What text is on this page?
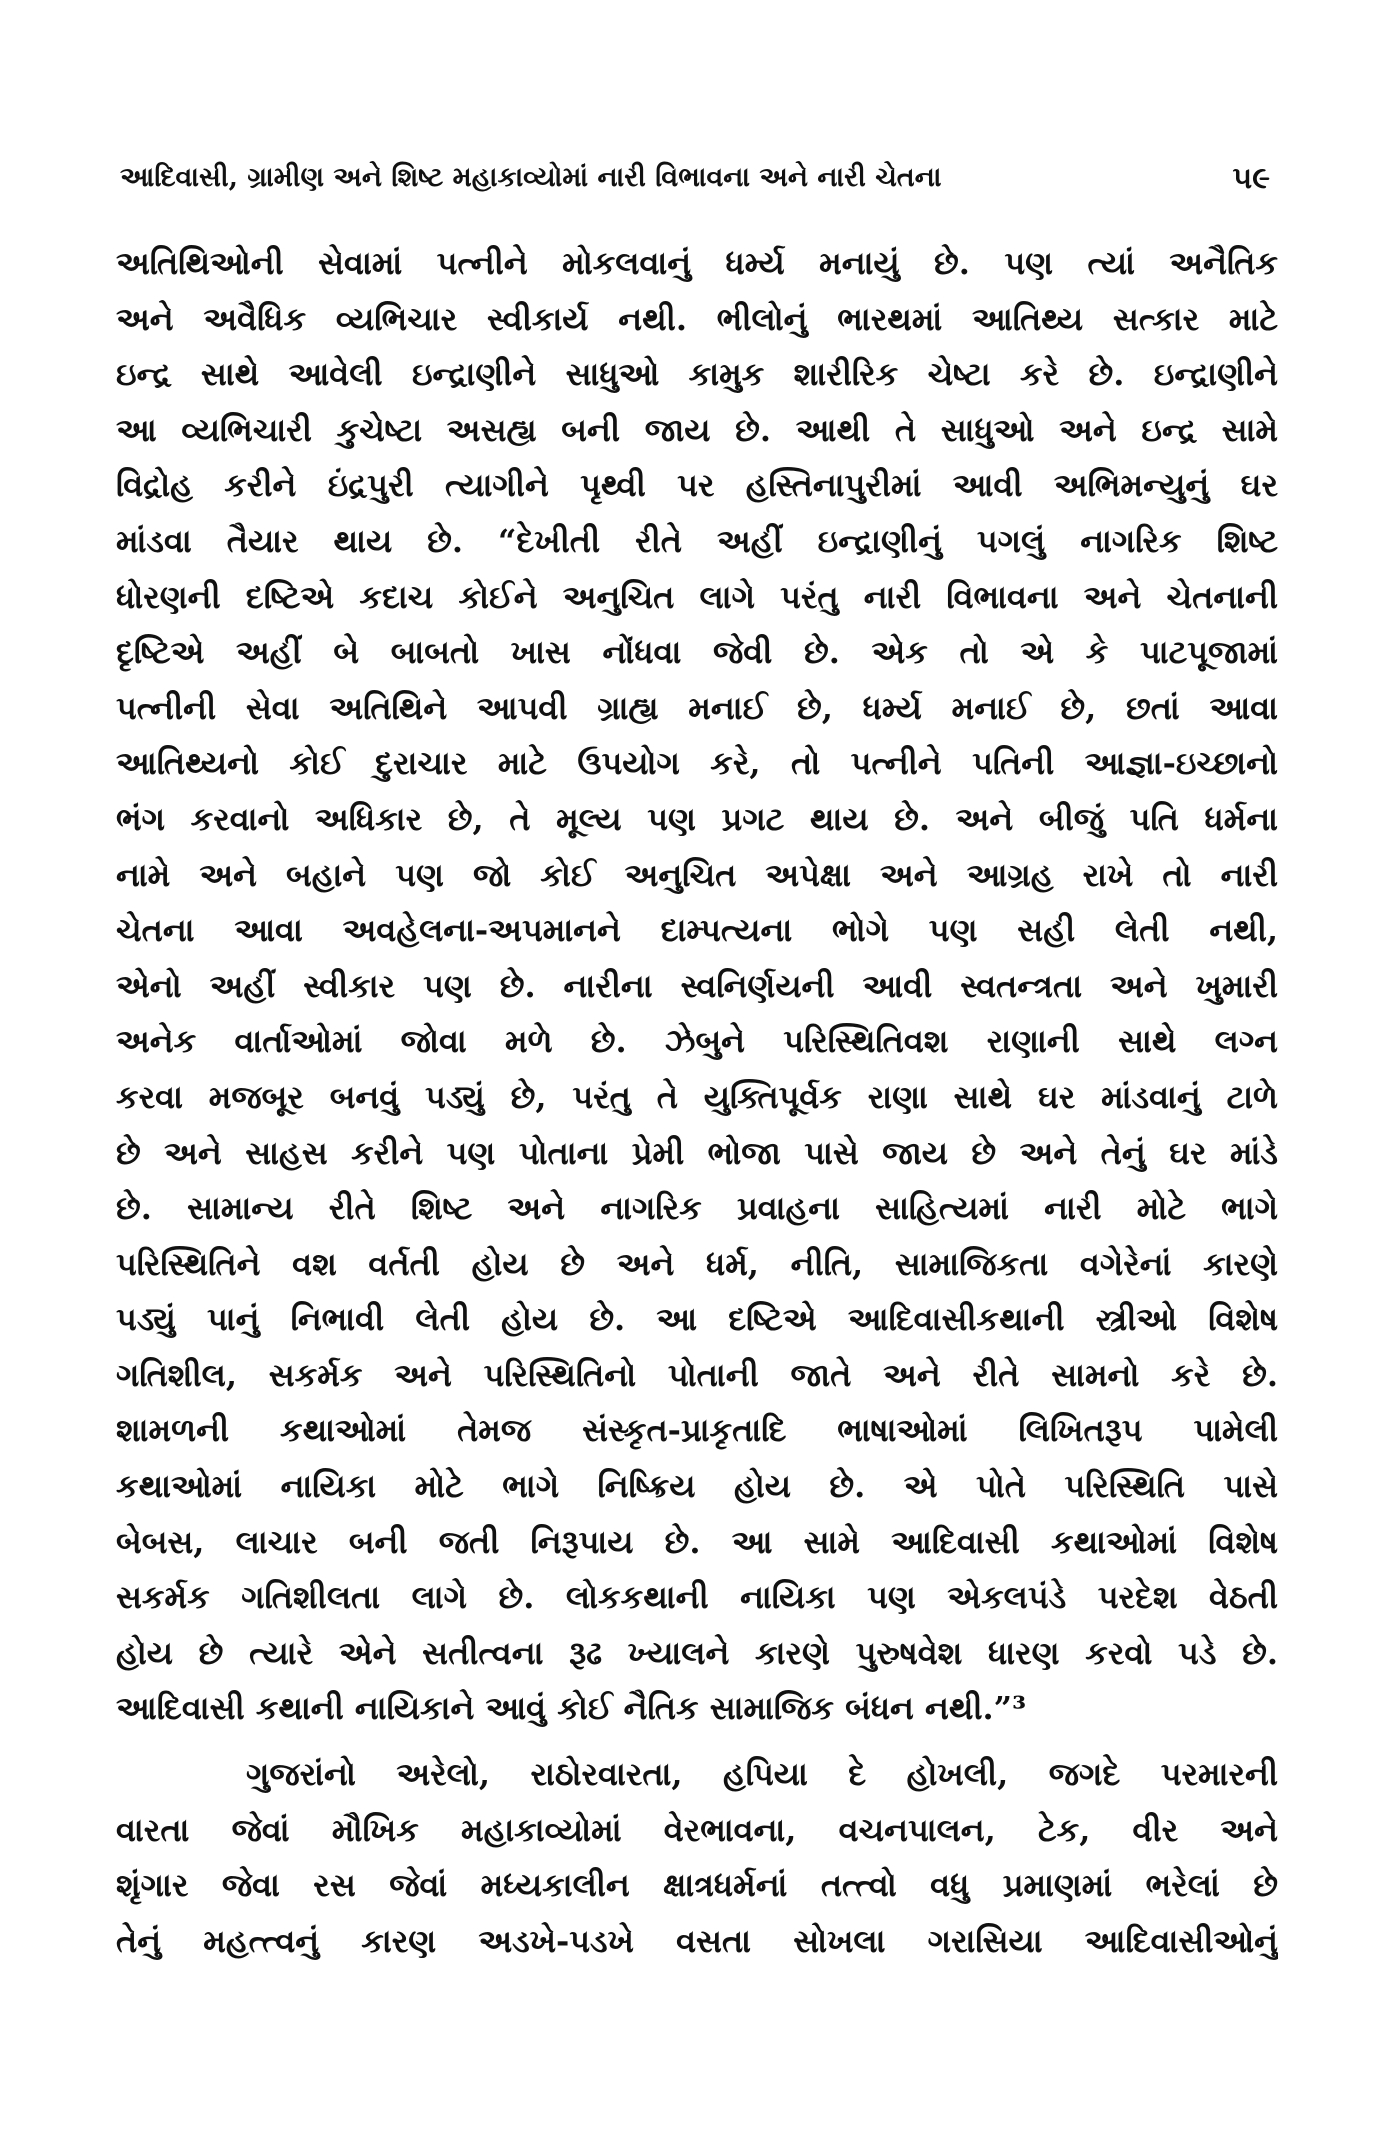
આદિવાસી, ગ્રામીણ અને શિષ્ટ મહાકાવ્યોમાં નારી વિભાવના અને નારી ચેતના	૫૯
અતિથિઓની સેવામાં પત્નીને મોકલવાનું ધર્મ્ય મનાયું છે. પણ ત્યાં અનૈતિક
અને અવૈધિક વ્યભિચાર સ્વીકાર્ય નથી. ભીલોનું ભારથમાં આતિથ્ય સત્કાર માટે
ઇન્દ્ર સાથે આવેલી ઇન્દ્રાણીને સાધુઓ કામુક શારીરિક ચેષ્ટા કરે છે. ઇન્દ્રાણીને
આ વ્યભિચારી કુચેષ્ટા અસહ્ય બની જાય છે. આથી તે સાધુઓ અને ઇન્દ્ર સામે
વિદ્રોહ કરીને ઇંદ્રપુરી ત્યાગીને પૃથ્વી પર હસ્તિનાપુરીમાં આવી અભિમન્યુનું ઘર
માંડવા તૈયાર થાય છે. “દેખીતી રીતે અહીં ઇન્દ્રાણીનું પગલું નાગરિક શિષ્ટ
ધોરણની દષ્ટિએ કદાચ કોઈને અનુચિત લાગે પરંતુ નારી વિભાવના અને ચેતનાની
દૃષ્ટિએ અહીં બે બાબતો ખાસ નોંધવા જેવી છે. એક તો એ કે પાટપૂજામાં
પત્નીની સેવા અતિથિને આપવી ગ્રાહ્ય મનાઈ છે, ધર્મ્ય મનાઈ છે, છતાં આવા
આતિથ્યનો કોઈ દુરાચાર માટે ઉપયોગ કરે, તો પત્નીને પતિની આજ્ઞા-ઇચ્છાનો
ભંગ કરવાનો અધિકાર છે, તે મૂલ્ય પણ પ્રગટ થાય છે. અને બીજું પતિ ધર્મના
નામે અને બહાને પણ જો કોઈ અનુચિત અપેક્ષા અને આગ્રહ રાખે તો નારી
ચેતના આવા અવહેલના-અપમાનને દામ્પત્યના ભોગે પણ સહી લેતી નથી,
એનો અહીં સ્વીકાર પણ છે. નારીના સ્વનિર્ણયની આવી સ્વતન્ત્રતા અને ખુમારી
અનેક વાર્તાઓમાં જોવા મળે છે. ઝેબુને પરિસ્થિતિવશ રાણાની સાથે લગ્ન
કરવા મજબૂર બનવું પડ્યું છે, પરંતુ તે યુક્તિપૂર્વક રાણા સાથે ઘર માંડવાનું ટાળે
છે અને સાહસ કરીને પણ પોતાના પ્રેમી ભોજા પાસે જાય છે અને તેનું ઘર માંડે
છે. સામાન્ય રીતે શિષ્ટ અને નાગરિક પ્રવાહના સાહિત્યમાં નારી મોટે ભાગે
પરિસ્થિતિને વશ વર્તતી હોય છે અને ધર્મ, નીતિ, સામાજિકતા વગેરેનાં કારણે
પડ્યું પાનું નિભાવી લેતી હોય છે. આ દષ્ટિએ આદિવાસીકથાની સ્ત્રીઓ વિશેષ
ગતિશીલ, સકર્મક અને પરિસ્થિતિનો પોતાની જાતે અને રીતે સામનો કરે છે.
શામળની કથાઓમાં તેમજ સંસ્કૃત-પ્રાકૃતાદિ ભાષાઓમાં લિખિતરૂપ પામેલી
કથાઓમાં નાયિકા મોટે ભાગે નિષ્ક્રિય હોય છે. એ પોતે પરિસ્થિતિ પાસે
બેબસ, લાચાર બની જતી નિરૂપાય છે. આ સામે આદિવાસી કથાઓમાં વિશેષ
સકર્મક ગતિશીલતા લાગે છે. લોકકથાની નાયિકા પણ એકલપંડે પરદેશ વેઠતી
હોય છે ત્યારે એને સતીત્વના રૂઢ ખ્યાલને કારણે પુરુષવેશ ધારણ કરવો પડે છે.
આદિવાસી કથાની નાયિકાને આવું કોઈ નૈતિક સામાજિક બંધન નથી.”³
ગુજરાંનો અરેલો, રાઠોરવારતા, હપિયા દે હોખલી, જગદે પરમારની
વારતા જેવાં મૌખિક મહાકાવ્યોમાં વેરભાવના, વચનપાલન, ટેક, વીર અને
શૃંગાર જેવા રસ જેવાં મધ્યકાલીન ક્ષાત્રધર્મનાં તત્ત્વો વધુ પ્રમાણમાં ભરેલાં છે
તેનું મહત્ત્વનું કારણ અડખે-પડખે વસતા સોખલા ગરાસિયા આદિવાસીઓનું
